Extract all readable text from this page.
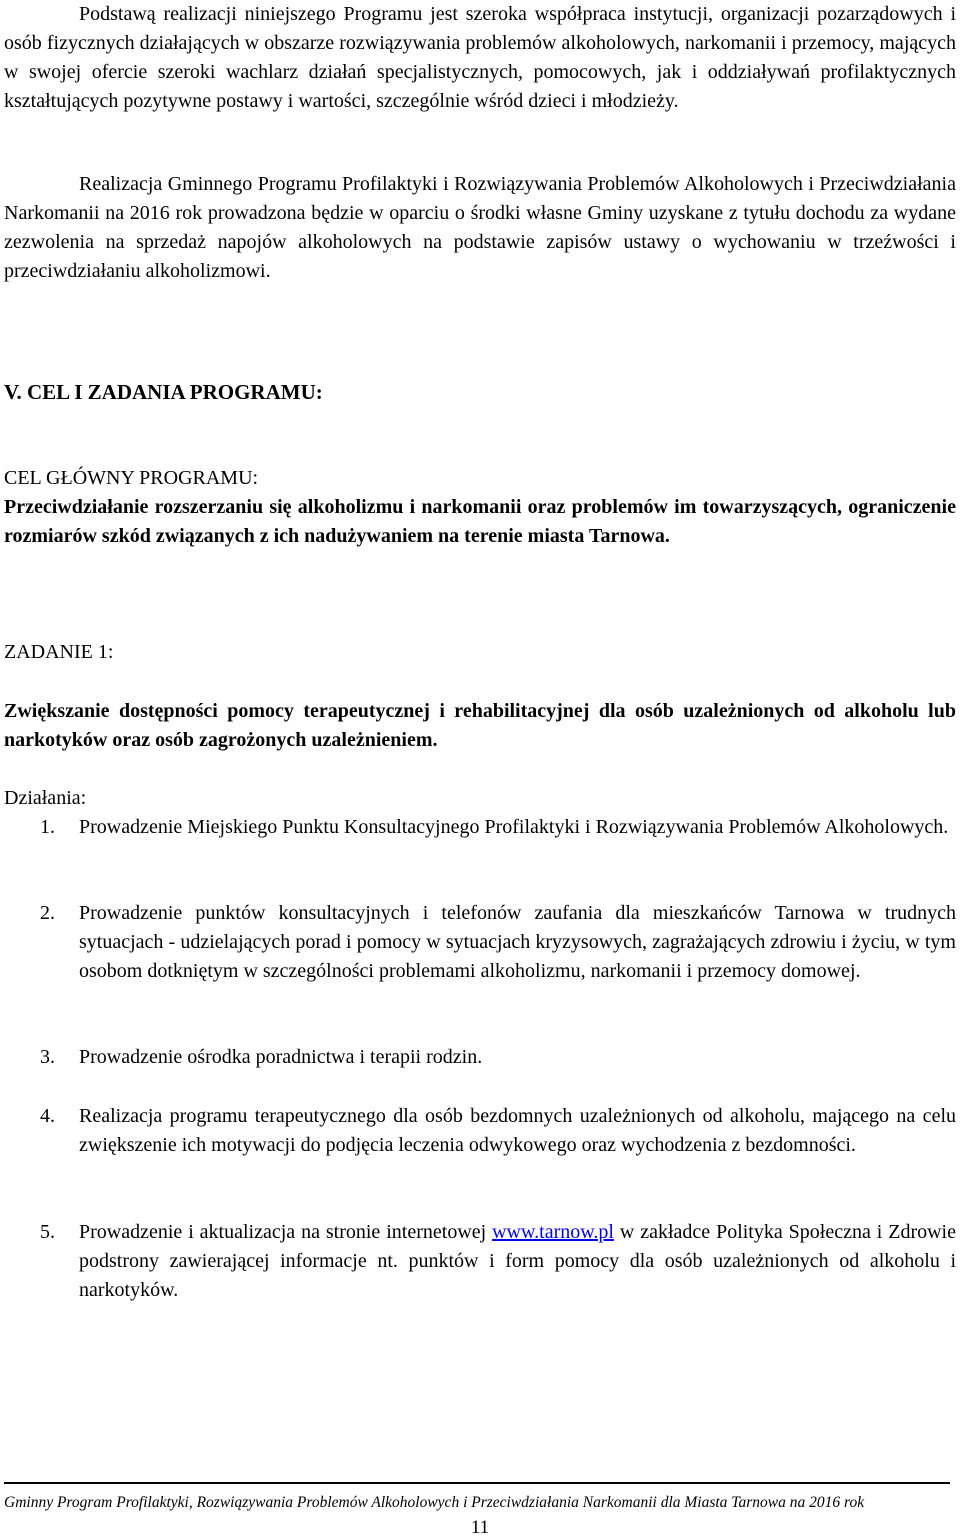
Podstawą realizacji niniejszego Programu jest szeroka współpraca instytucji, organizacji pozarządowych i osób fizycznych działających w obszarze rozwiązywania problemów alkoholowych, narkomanii i przemocy, mających w swojej ofercie szeroki wachlarz działań specjalistycznych, pomocowych, jak i oddziaływań profilaktycznych kształtujących pozytywne postawy i wartości, szczególnie wśród dzieci i młodzieży.

Realizacja Gminnego Programu Profilaktyki i Rozwiązywania Problemów Alkoholowych i Przeciwdziałania Narkomanii na 2016 rok prowadzona będzie w oparciu o środki własne Gminy uzyskane z tytułu dochodu za wydane zezwolenia na sprzedaż napojów alkoholowych na podstawie zapisów ustawy o wychowaniu w trzeźwości i przeciwdziałaniu alkoholizmowi.

V. CEL I ZADANIA PROGRAMU:

CEL GŁÓWNY PROGRAMU:

Przeciwdziałanie rozszerzaniu się alkoholizmu i narkomanii oraz problemów im towarzyszących, ograniczenie rozmiarów szkód związanych z ich nadużywaniem na terenie miasta Tarnowa.

ZADANIE 1:

Zwiększanie dostępności pomocy terapeutycznej i rehabilitacyjnej dla osób uzależnionych od alkoholu lub narkotyków oraz osób zagrożonych uzależnieniem.

Działania:

1. Prowadzenie Miejskiego Punktu Konsultacyjnego Profilaktyki i Rozwiązywania Problemów Alkoholowych.

2. Prowadzenie punktów konsultacyjnych i telefonów zaufania dla mieszkańców Tarnowa w trudnych sytuacjach - udzielających porad i pomocy w sytuacjach kryzysowych, zagrażających zdrowiu i życiu, w tym osobom dotkniętym w szczególności problemami alkoholizmu, narkomanii i przemocy domowej.

3. Prowadzenie ośrodka poradnictwa i terapii rodzin.

4. Realizacja programu terapeutycznego dla osób bezdomnych uzależnionych od alkoholu, mającego na celu zwiększenie ich motywacji do podjęcia leczenia odwykowego oraz wychodzenia z bezdomności.

5. Prowadzenie i aktualizacja na stronie internetowej www.tarnow.pl w zakładce Polityka Społeczna i Zdrowie podstrony zawierającej informacje nt. punktów i form pomocy dla osób uzależnionych od alkoholu i narkotyków.

Gminny Program Profilaktyki, Rozwiązywania Problemów Alkoholowych i Przeciwdziałania Narkomanii dla Miasta Tarnowa na 2016 rok

11
